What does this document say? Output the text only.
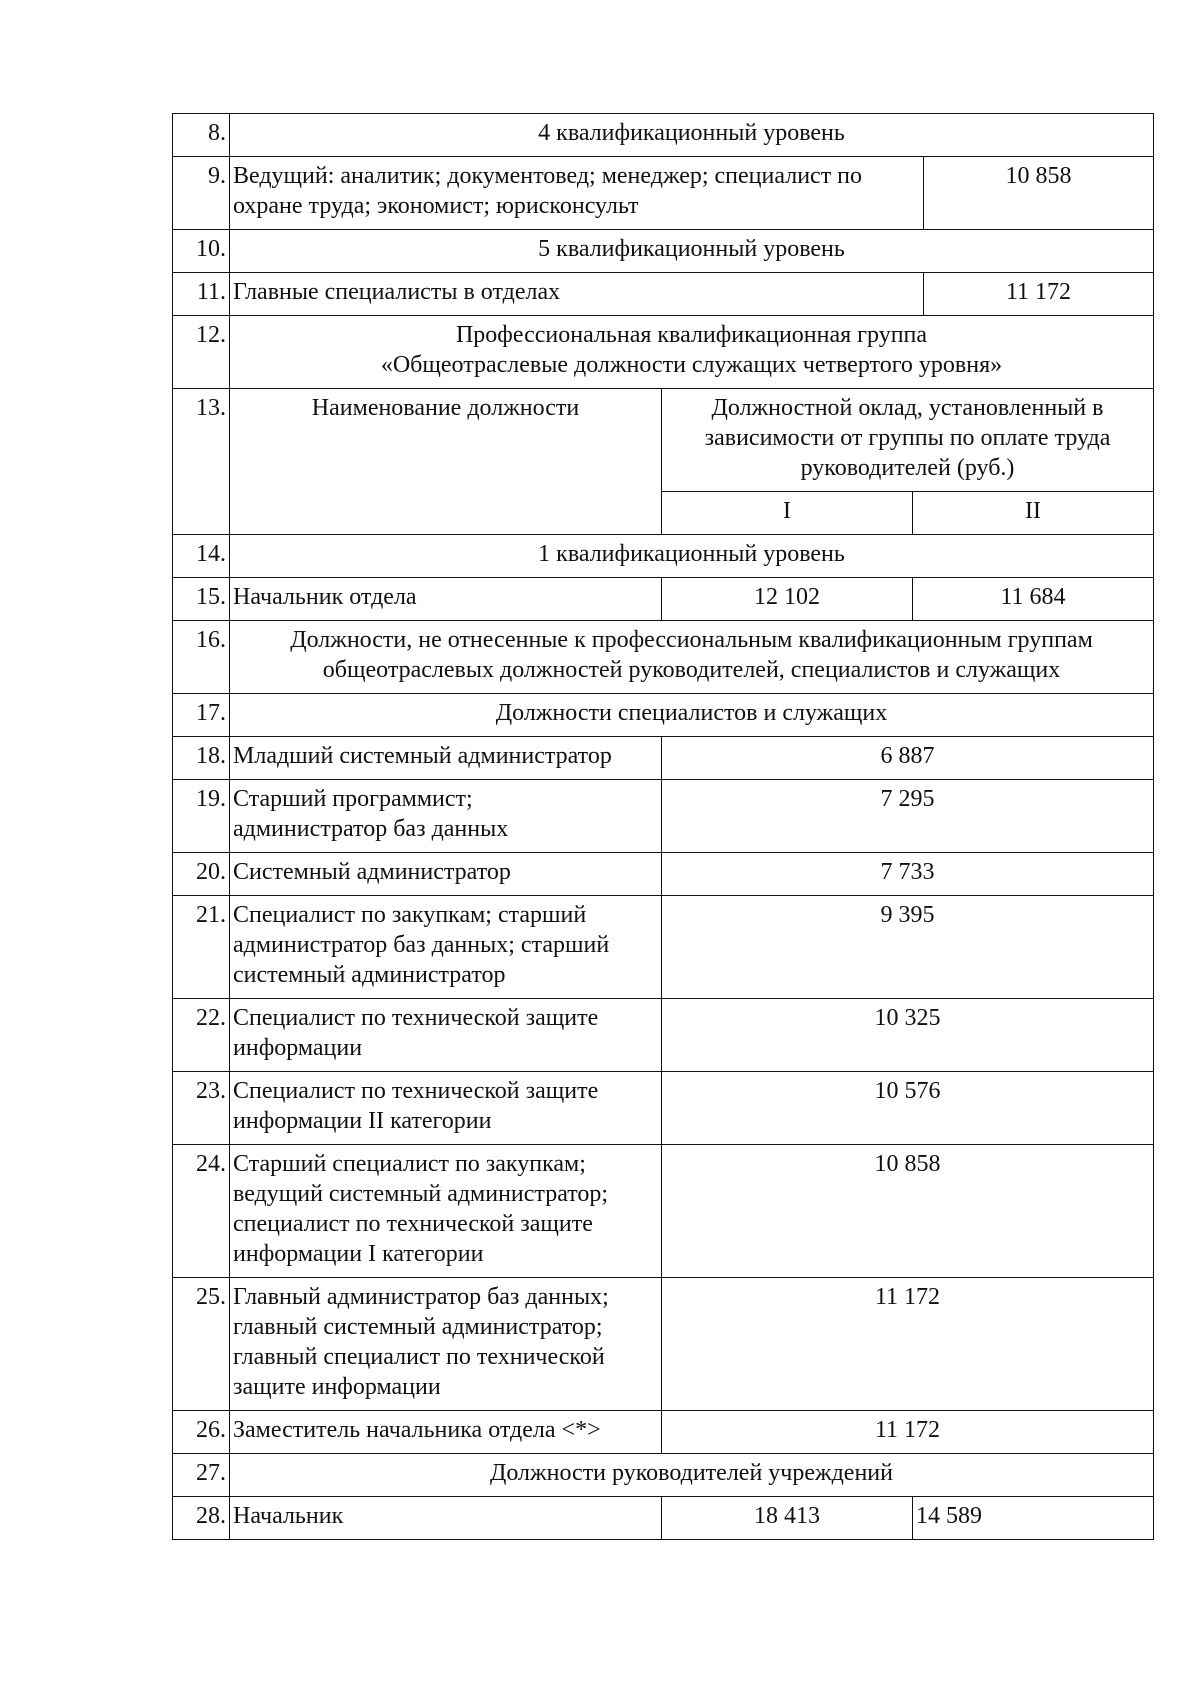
8.	4 квалификационный уровень			
9.	Ведущий: аналитик; документовед; менеджер; специалист по охране труда; экономист; юрисконсульт			10 858
10.	5 квалификационный уровень			
11.	Главные специалисты в отделах			11 172
12.	Профессиональная квалификационная группа
«Общеотраслевые должности служащих четвертого уровня»			

13.	Наименование должности	Должностной оклад, установленный в зависимости от группы по оплате труда руководителей (руб.)		
		I	II	
14.	1 квалификационный уровень			
15.	Начальник отдела	12 102	11 684	
16.	Должности, не отнесенные к профессиональным квалификационным группам общеотраслевых должностей руководителей, специалистов и служащих			
17.	Должности специалистов и служащих			
18.	Младший системный администратор	6 887		
19.	Старший программист;
администратор баз данных	7 295		
20.	Системный администратор	7 733		
21.	Специалист по закупкам; старший администратор баз данных; старший системный администратор	9 395		
22.	Специалист по технической защите информации	10 325		
23.	Специалист по технической защите информации II категории	10 576		
24.	Старший специалист по закупкам; ведущий системный администратор; специалист по технической защите информации I категории	10 858		
25.	Главный администратор баз данных; главный системный администратор; главный специалист по технической защите информации	11 172		
26.	Заместитель начальника отдела <*>	11 172		
27.	Должности руководителей учреждений			
28.	Начальник	18 413	14 589	
